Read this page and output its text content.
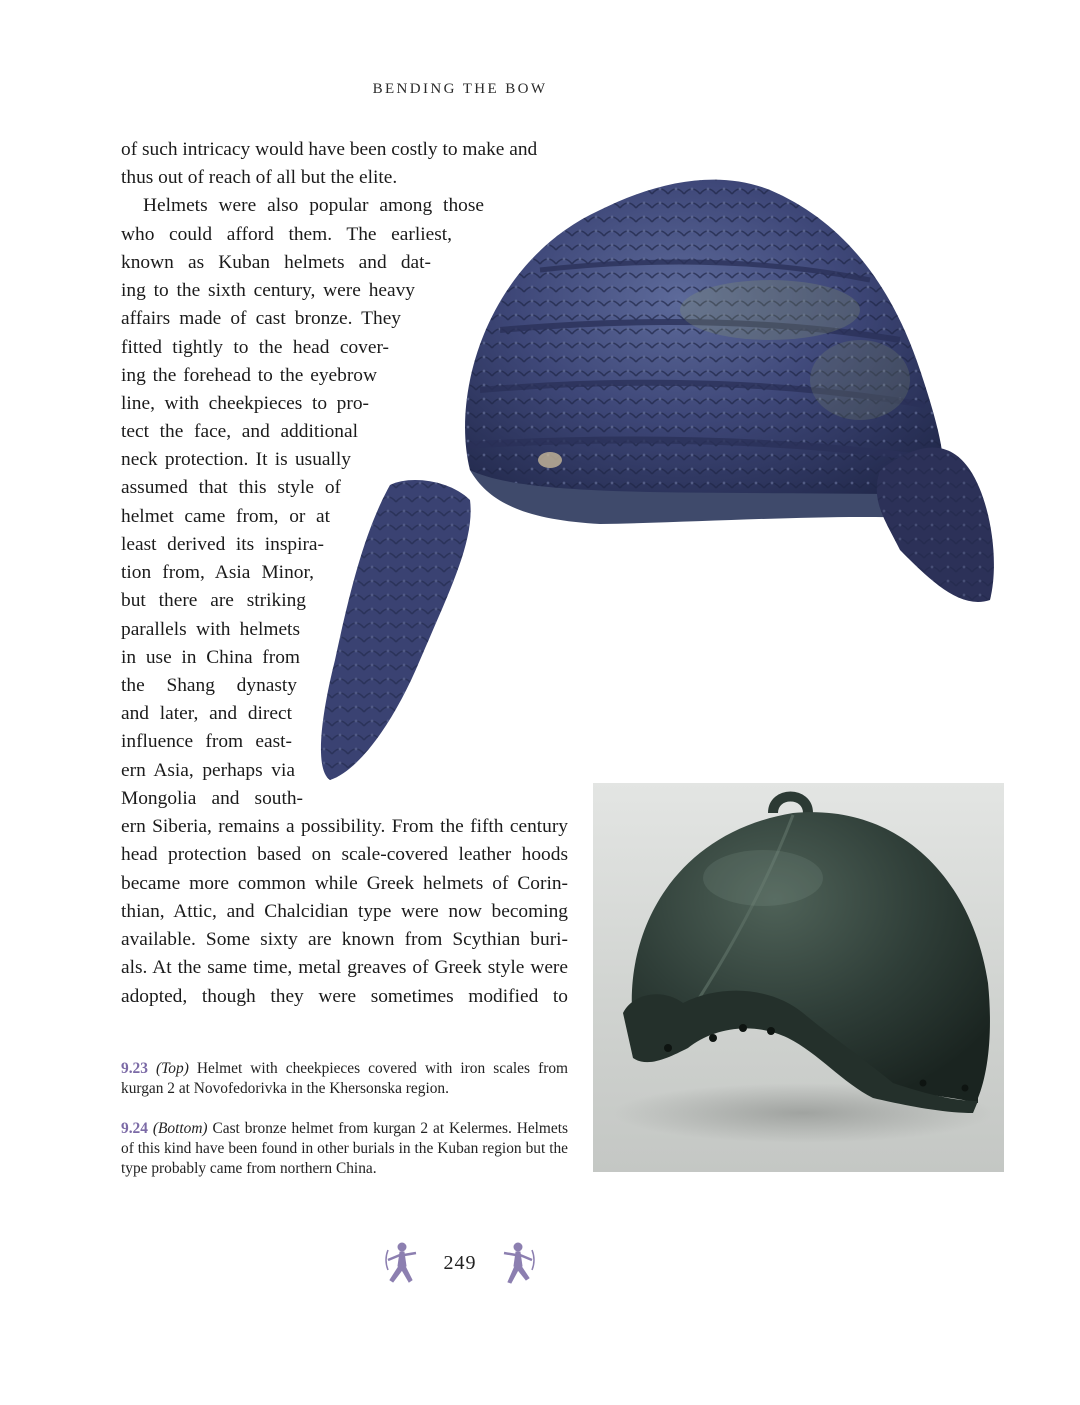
BENDING THE BOW
of such intricacy would have been costly to make and
thus out of reach of all but the elite.
Helmets were also popular among those
who could afford them. The earliest,
known as Kuban helmets and dat-
ing to the sixth century, were heavy
affairs made of cast bronze. They
fitted tightly to the head cover-
ing the forehead to the eyebrow
line, with cheekpieces to pro-
tect the face, and additional
neck protection. It is usually
assumed that this style of
helmet came from, or at
least derived its inspira-
tion from, Asia Minor,
but there are striking
parallels with helmets
in use in China from
the Shang dynasty
and later, and direct
influence from east-
ern Asia, perhaps via
Mongolia and south-
ern Siberia, remains a possibility. From the fifth century
head protection based on scale-covered leather hoods
became more common while Greek helmets of Corin-
thian, Attic, and Chalcidian type were now becoming
available. Some sixty are known from Scythian buri-
als. At the same time, metal greaves of Greek style were
adopted, though they were sometimes modified to
9.23 (Top) Helmet with cheekpieces covered with iron scales from kurgan 2 at Novofedorivka in the Khersonska region.
9.24 (Bottom) Cast bronze helmet from kurgan 2 at Kelermes. Helmets of this kind have been found in other burials in the Kuban region but the type probably came from northern China.
249
